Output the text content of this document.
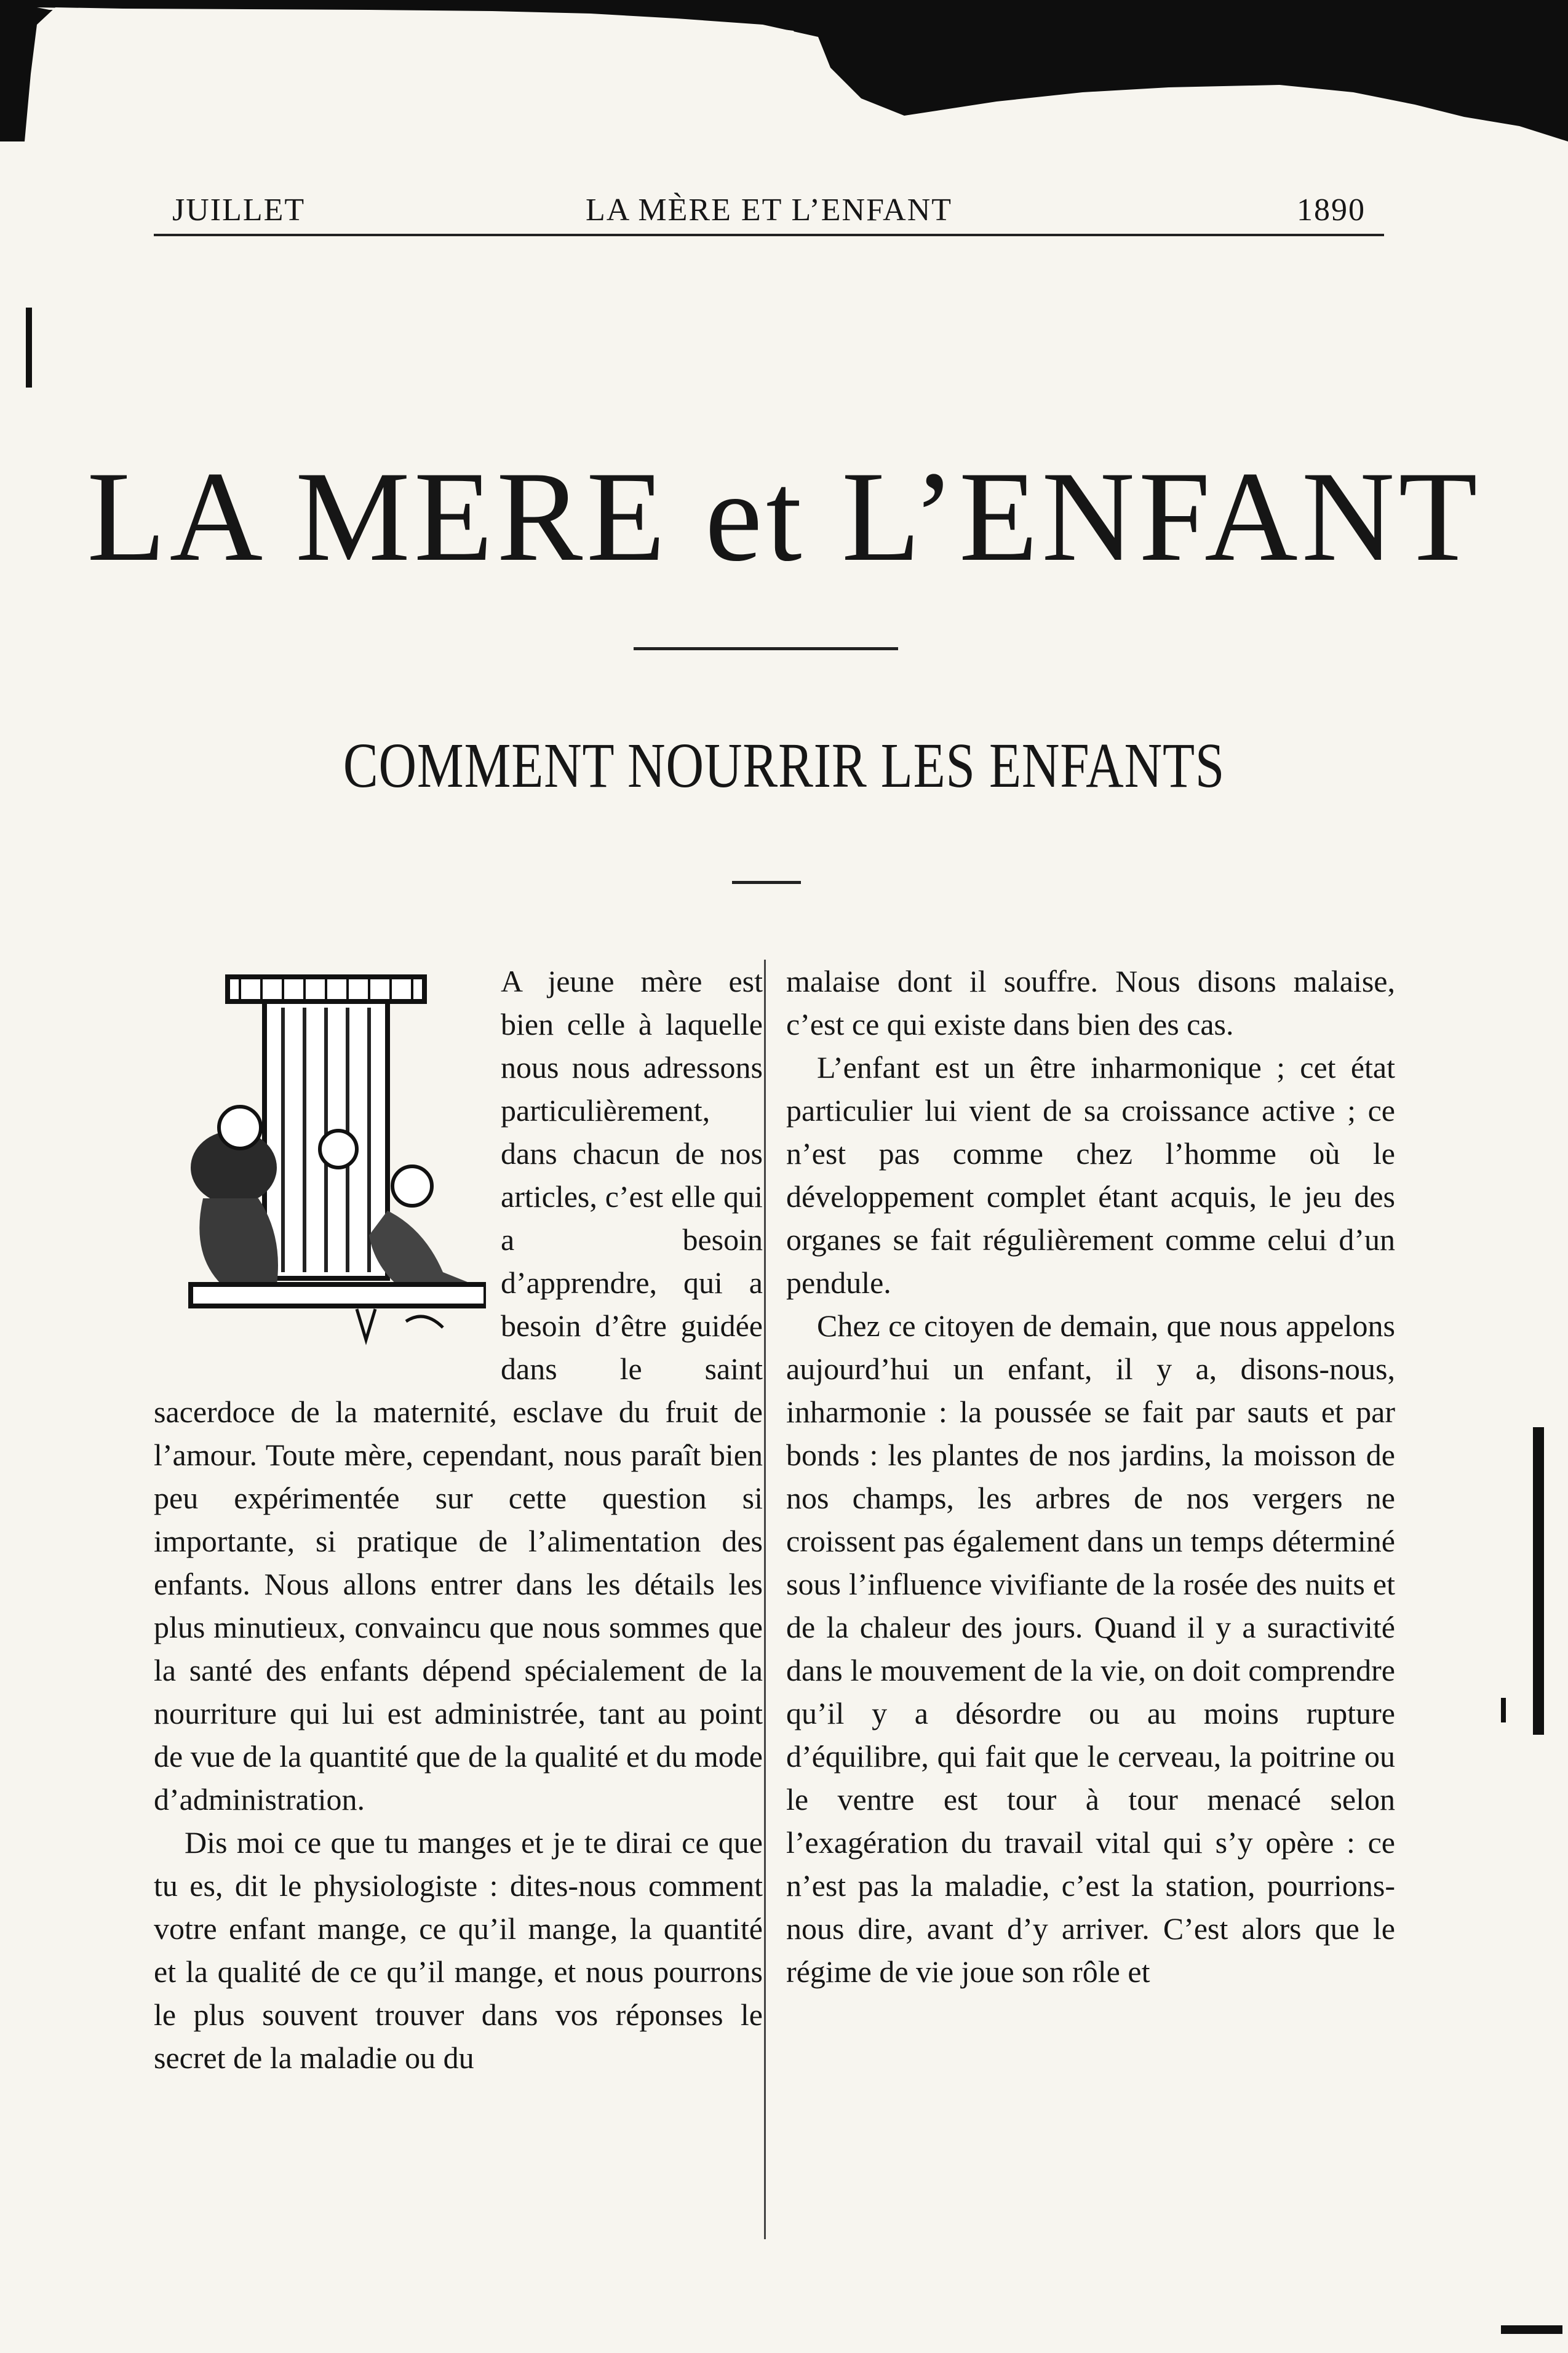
JUILLET	LA MÈRE ET L’ENFANT	1890
LA MERE et L’ENFANT
COMMENT NOURRIR LES ENFANTS

A jeune mère est bien celle à laquelle nous nous adressons particulièrement, dans chacun de nos articles, c’est elle qui a besoin d’apprendre, qui a besoin d’être guidée dans le saint sacerdoce de la maternité, esclave du fruit de l’amour. Toute mère, cependant, nous paraît bien peu expérimentée sur cette question si importante, si pratique de l’alimentation des enfants. Nous allons entrer dans les détails les plus minutieux, convaincu que nous sommes que la santé des enfants dépend spécialement de la nourriture qui lui est administrée, tant au point de vue de la quantité que de la qualité et du mode d’administration.

Dis moi ce que tu manges et je te dirai ce que tu es, dit le physiologiste : dites-nous comment votre enfant mange, ce qu’il mange, la quantité et la qualité de ce qu’il mange, et nous pourrons le plus souvent trouver dans vos réponses le secret de la maladie ou du

malaise dont il souffre. Nous disons malaise, c’est ce qui existe dans bien des cas.

L’enfant est un être inharmonique ; cet état particulier lui vient de sa croissance active ; ce n’est pas comme chez l’homme où le développement complet étant acquis, le jeu des organes se fait régulièrement comme celui d’un pendule.

Chez ce citoyen de demain, que nous appelons aujourd’hui un enfant, il y a, disons-nous, inharmonie : la poussée se fait par sauts et par bonds : les plantes de nos jardins, la moisson de nos champs, les arbres de nos vergers ne croissent pas également dans un temps déterminé sous l’influence vivifiante de la rosée des nuits et de la chaleur des jours. Quand il y a suractivité dans le mouvement de la vie, on doit comprendre qu’il y a désordre ou au moins rupture d’équilibre, qui fait que le cerveau, la poitrine ou le ventre est tour à tour menacé selon l’exagération du travail vital qui s’y opère : ce n’est pas la maladie, c’est la station, pourrions-nous dire, avant d’y arriver. C’est alors que le régime de vie joue son rôle et
